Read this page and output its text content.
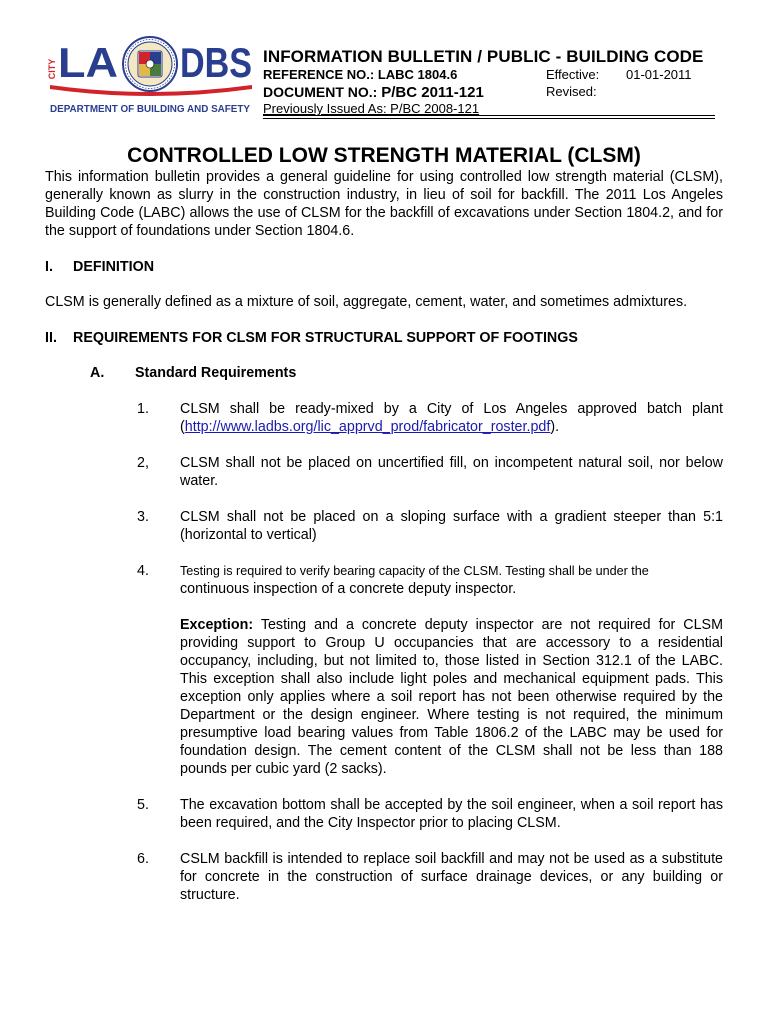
CITY LA DBS
DEPARTMENT OF BUILDING AND SAFETY

INFORMATION BULLETIN / PUBLIC - BUILDING CODE

REFERENCE NO.: LABC 1804.6	Effective: 01-01-2011
DOCUMENT NO.: P/BC 2011-121	Revised:
Previously Issued As: P/BC 2008-121
CONTROLLED LOW STRENGTH MATERIAL (CLSM)

This information bulletin provides a general guideline for using controlled low strength material (CLSM), generally known as slurry in the construction industry, in lieu of soil for backfill. The 2011 Los Angeles Building Code (LABC) allows the use of CLSM for the backfill of excavations under Section 1804.2, and for the support of foundations under Section 1804.6.

I. DEFINITION

CLSM is generally defined as a mixture of soil, aggregate, cement, water, and sometimes admixtures.

II. REQUIREMENTS FOR CLSM FOR STRUCTURAL SUPPORT OF FOOTINGS

A. Standard Requirements

1. CLSM shall be ready-mixed by a City of Los Angeles approved batch plant (http://www.ladbs.org/lic_apprvd_prod/fabricator_roster.pdf).
2, CLSM shall not be placed on uncertified fill, on incompetent natural soil, nor below water.
3. CLSM shall not be placed on a sloping surface with a gradient steeper than 5:1 (horizontal to vertical)
4. Testing is required to verify bearing capacity of the CLSM. Testing shall be under the
continuous inspection of a concrete deputy inspector.

Exception: Testing and a concrete deputy inspector are not required for CLSM providing support to Group U occupancies that are accessory to a residential occupancy, including, but not limited to, those listed in Section 312.1 of the LABC. This exception shall also include light poles and mechanical equipment pads. This exception only applies where a soil report has not been otherwise required by the Department or the design engineer. Where testing is not required, the minimum presumptive load bearing values from Table 1806.2 of the LABC may be used for foundation design. The cement content of the CLSM shall not be less than 188 pounds per cubic yard (2 sacks).

5. The excavation bottom shall be accepted by the soil engineer, when a soil report has been required, and the City Inspector prior to placing CLSM.
6. CSLM backfill is intended to replace soil backfill and may not be used as a substitute for concrete in the construction of surface drainage devices, or any building or structure.
